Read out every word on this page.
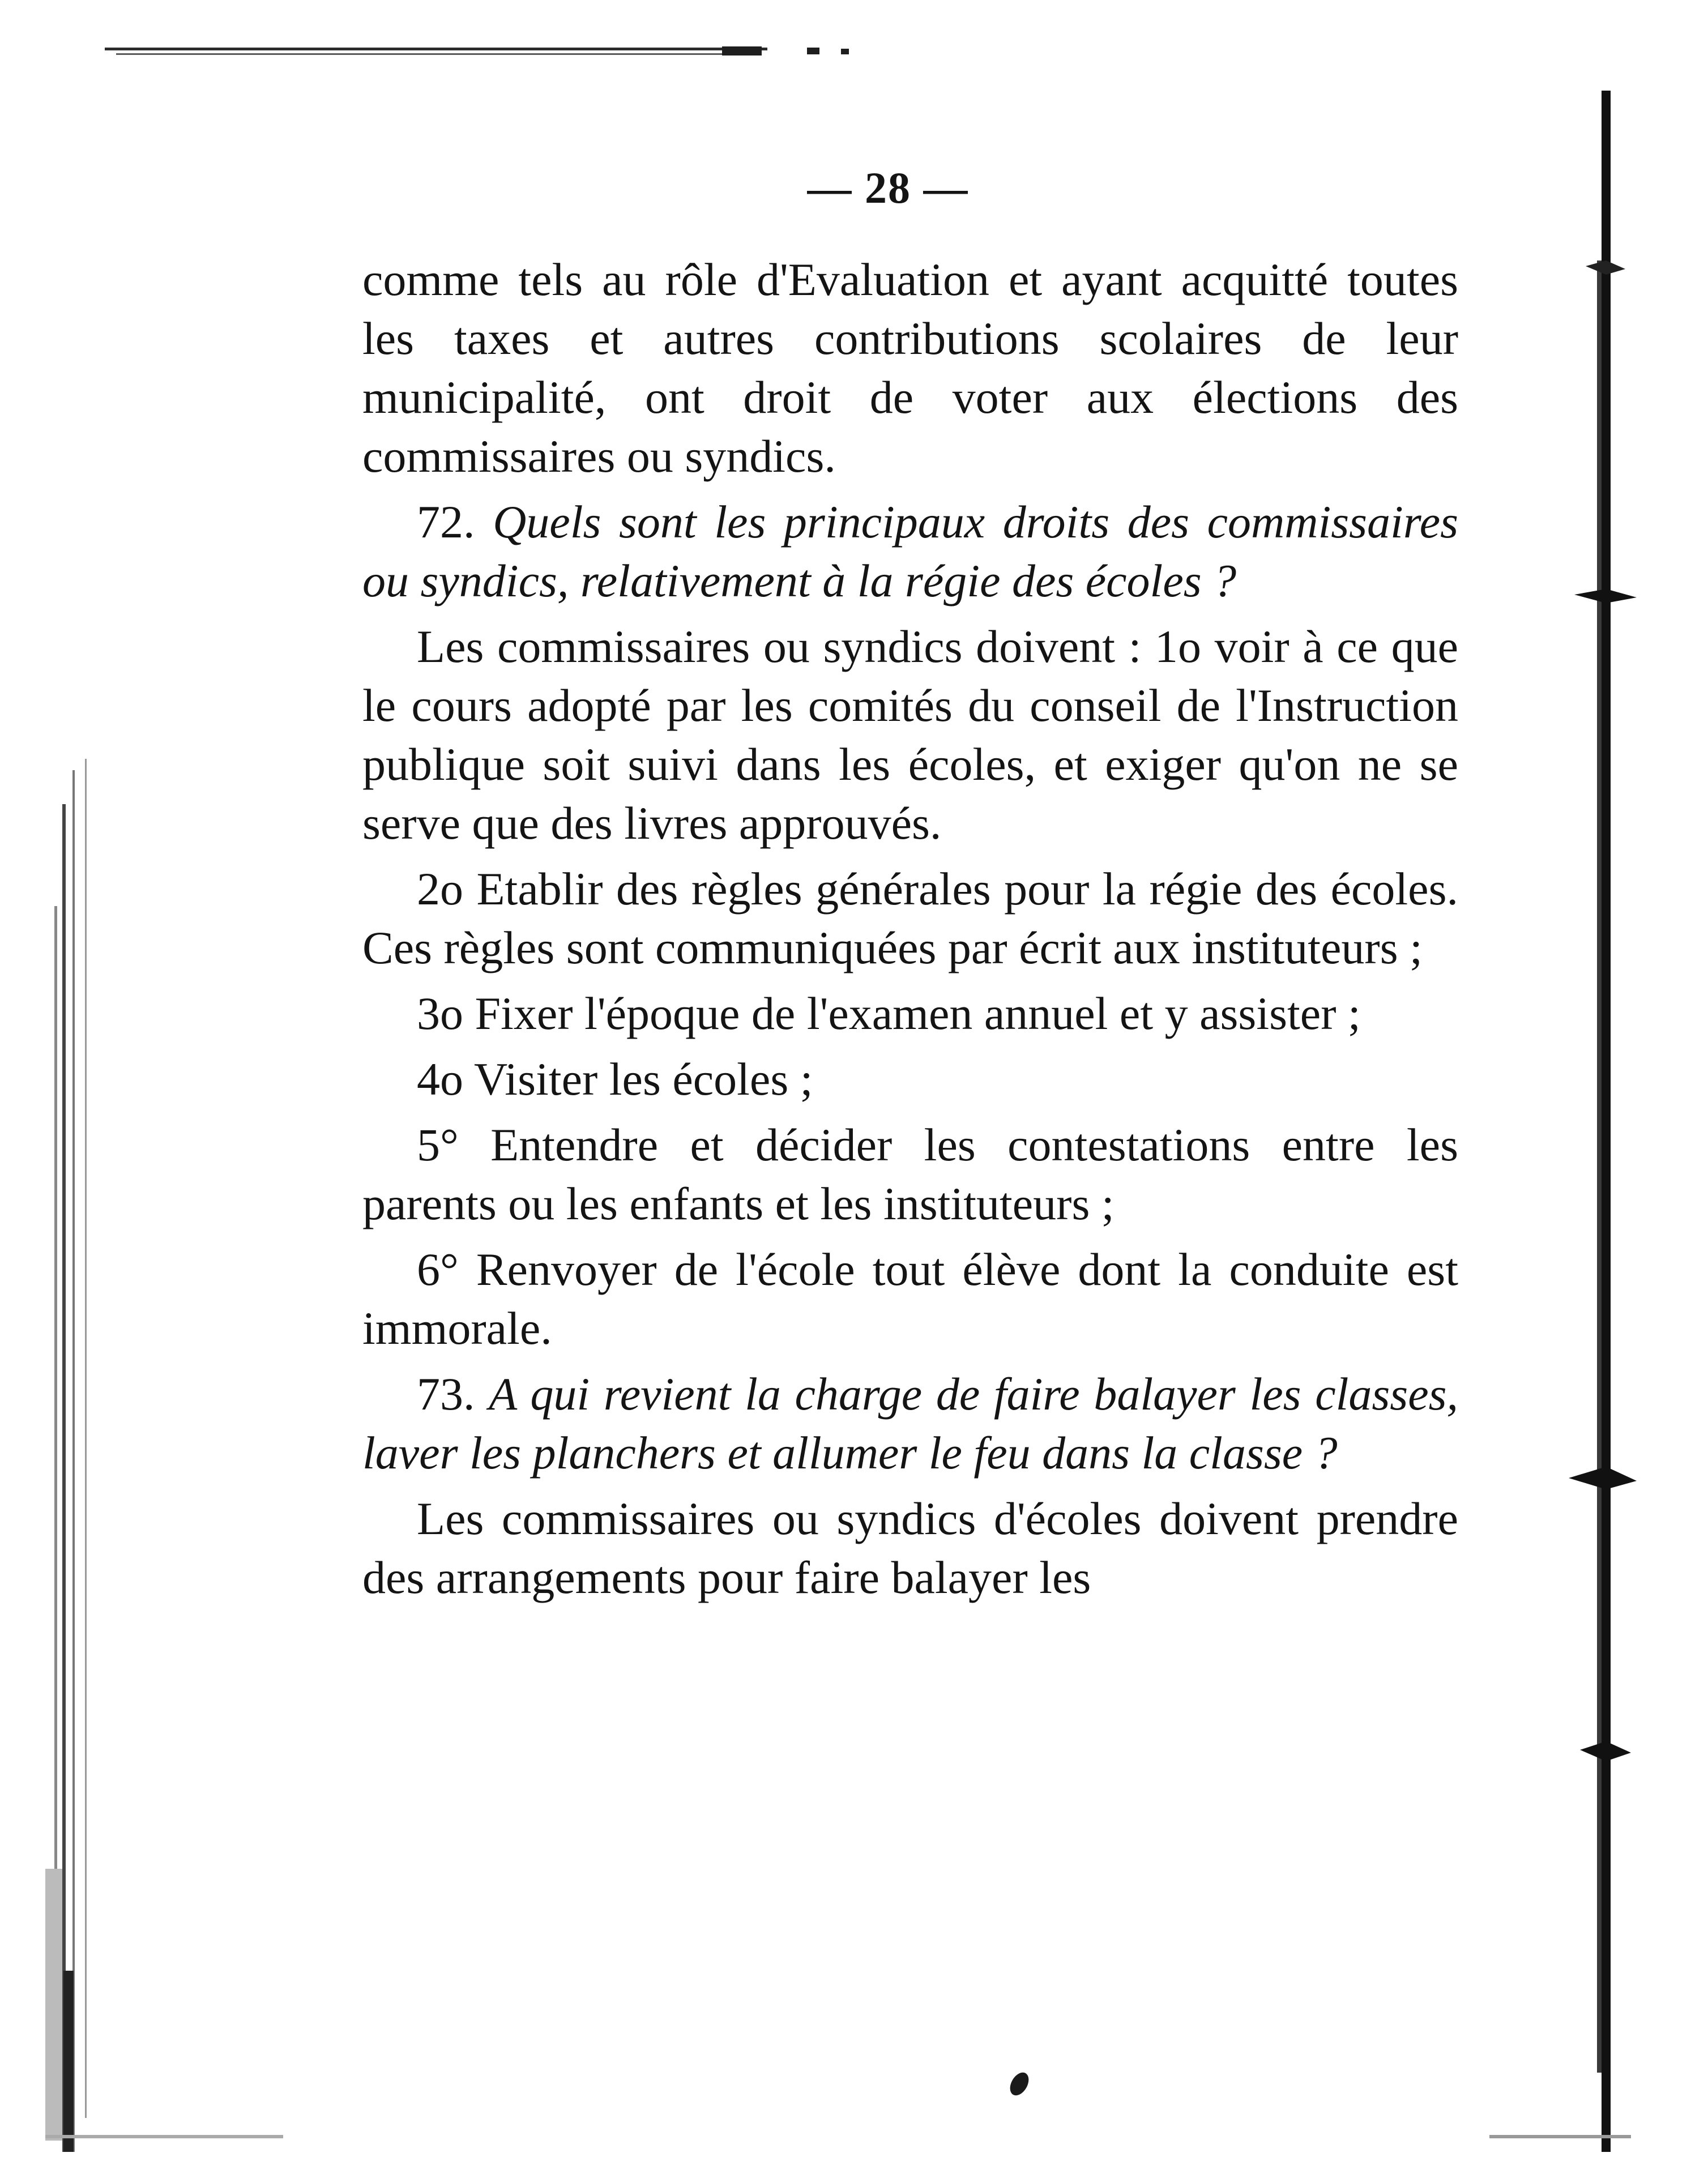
— 28 —

comme tels au rôle d'Evaluation et ayant acquitté toutes les taxes et autres contributions scolaires de leur municipalité, ont droit de voter aux élections des commissaires ou syndics.

72. Quels sont les principaux droits des commissaires ou syndics, relativement à la régie des écoles ?

Les commissaires ou syndics doivent : 1o voir à ce que le cours adopté par les comités du conseil de l'Instruction publique soit suivi dans les écoles, et exiger qu'on ne se serve que des livres approuvés.

2o Etablir des règles générales pour la régie des écoles. Ces règles sont communiquées par écrit aux instituteurs ;

3o Fixer l'époque de l'examen annuel et y assister ;

4o Visiter les écoles ;

5° Entendre et décider les contestations entre les parents ou les enfants et les instituteurs ;

6° Renvoyer de l'école tout élève dont la conduite est immorale.

73. A qui revient la charge de faire balayer les classes, laver les planchers et allumer le feu dans la classe ?

Les commissaires ou syndics d'écoles doivent prendre des arrangements pour faire balayer les
